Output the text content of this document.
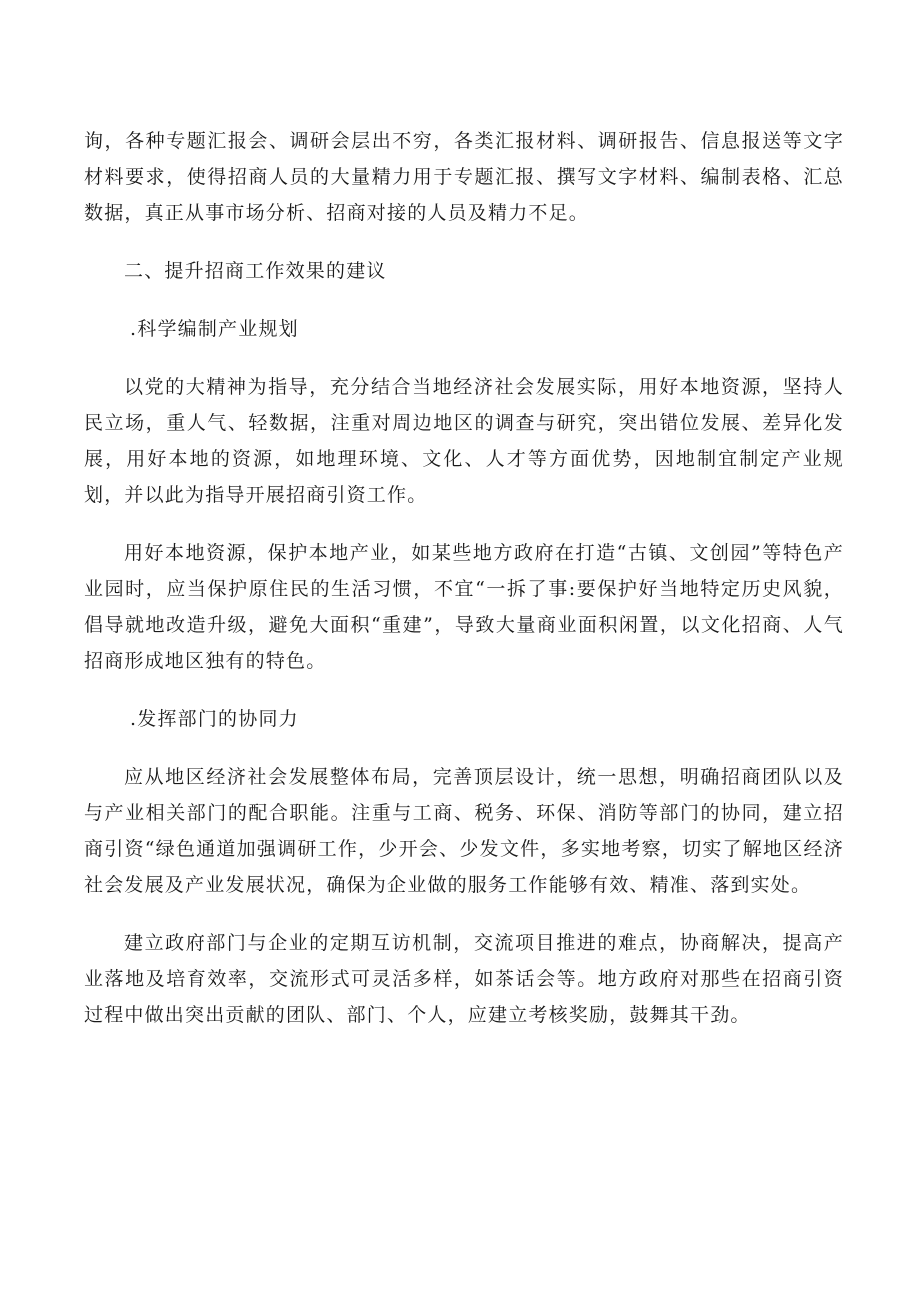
询，各种专题汇报会、调研会层出不穷，各类汇报材料、调研报告、信息报送等文字材料要求，使得招商人员的大量精力用于专题汇报、撰写文字材料、编制表格、汇总数据，真正从事市场分析、招商对接的人员及精力不足。

二、提升招商工作效果的建议

.科学编制产业规划

以党的大精神为指导，充分结合当地经济社会发展实际，用好本地资源，坚持人民立场，重人气、轻数据，注重对周边地区的调查与研究，突出错位发展、差异化发展，用好本地的资源，如地理环境、文化、人才等方面优势，因地制宜制定产业规划，并以此为指导开展招商引资工作。

用好本地资源，保护本地产业，如某些地方政府在打造“古镇、文创园”等特色产业园时，应当保护原住民的生活习惯，不宜“一拆了事:要保护好当地特定历史风貌，倡导就地改造升级，避免大面积“重建”，导致大量商业面积闲置，以文化招商、人气招商形成地区独有的特色。

.发挥部门的协同力

应从地区经济社会发展整体布局，完善顶层设计，统一思想，明确招商团队以及与产业相关部门的配合职能。注重与工商、税务、环保、消防等部门的协同，建立招商引资“绿色通道加强调研工作，少开会、少发文件，多实地考察，切实了解地区经济社会发展及产业发展状况，确保为企业做的服务工作能够有效、精准、落到实处。

建立政府部门与企业的定期互访机制，交流项目推进的难点，协商解决，提高产业落地及培育效率，交流形式可灵活多样，如茶话会等。地方政府对那些在招商引资过程中做出突出贡献的团队、部门、个人，应建立考核奖励，鼓舞其干劲。
